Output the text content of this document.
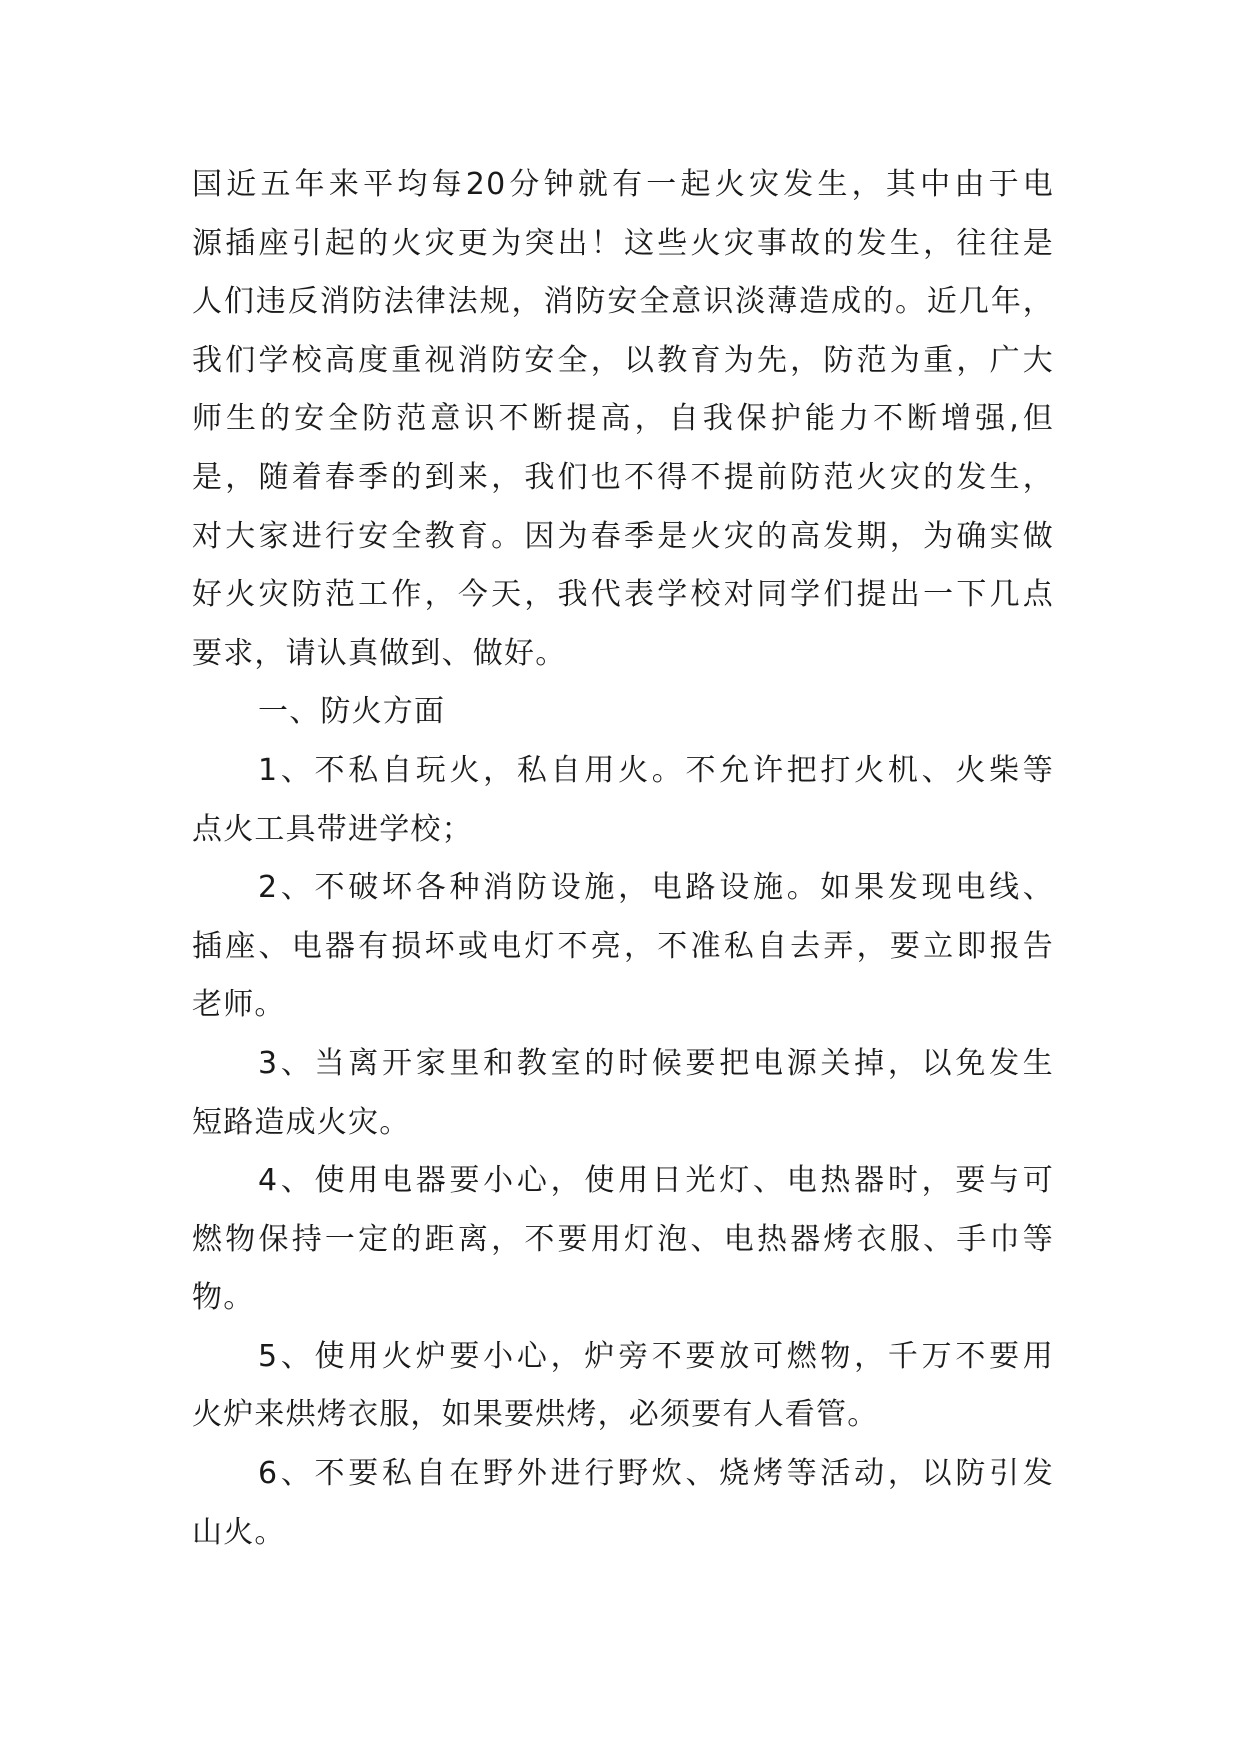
国近五年来平均每20分钟就有一起火灾发生，其中由于电
源插座引起的火灾更为突出！这些火灾事故的发生，往往是
人们违反消防法律法规，消防安全意识淡薄造成的。近几年，
我们学校高度重视消防安全，以教育为先，防范为重，广大
师生的安全防范意识不断提高，自我保护能力不断增强,但
是，随着春季的到来，我们也不得不提前防范火灾的发生，
对大家进行安全教育。因为春季是火灾的高发期，为确实做
好火灾防范工作，今天，我代表学校对同学们提出一下几点
要求，请认真做到、做好。
一、防火方面
1、不私自玩火，私自用火。不允许把打火机、火柴等
点火工具带进学校；
2、不破坏各种消防设施，电路设施。如果发现电线、
插座、电器有损坏或电灯不亮，不准私自去弄，要立即报告
老师。
3、当离开家里和教室的时候要把电源关掉，以免发生
短路造成火灾。
4、使用电器要小心，使用日光灯、电热器时，要与可
燃物保持一定的距离，不要用灯泡、电热器烤衣服、手巾等
物。
5、使用火炉要小心，炉旁不要放可燃物，千万不要用
火炉来烘烤衣服，如果要烘烤，必须要有人看管。
6、不要私自在野外进行野炊、烧烤等活动，以防引发
山火。
